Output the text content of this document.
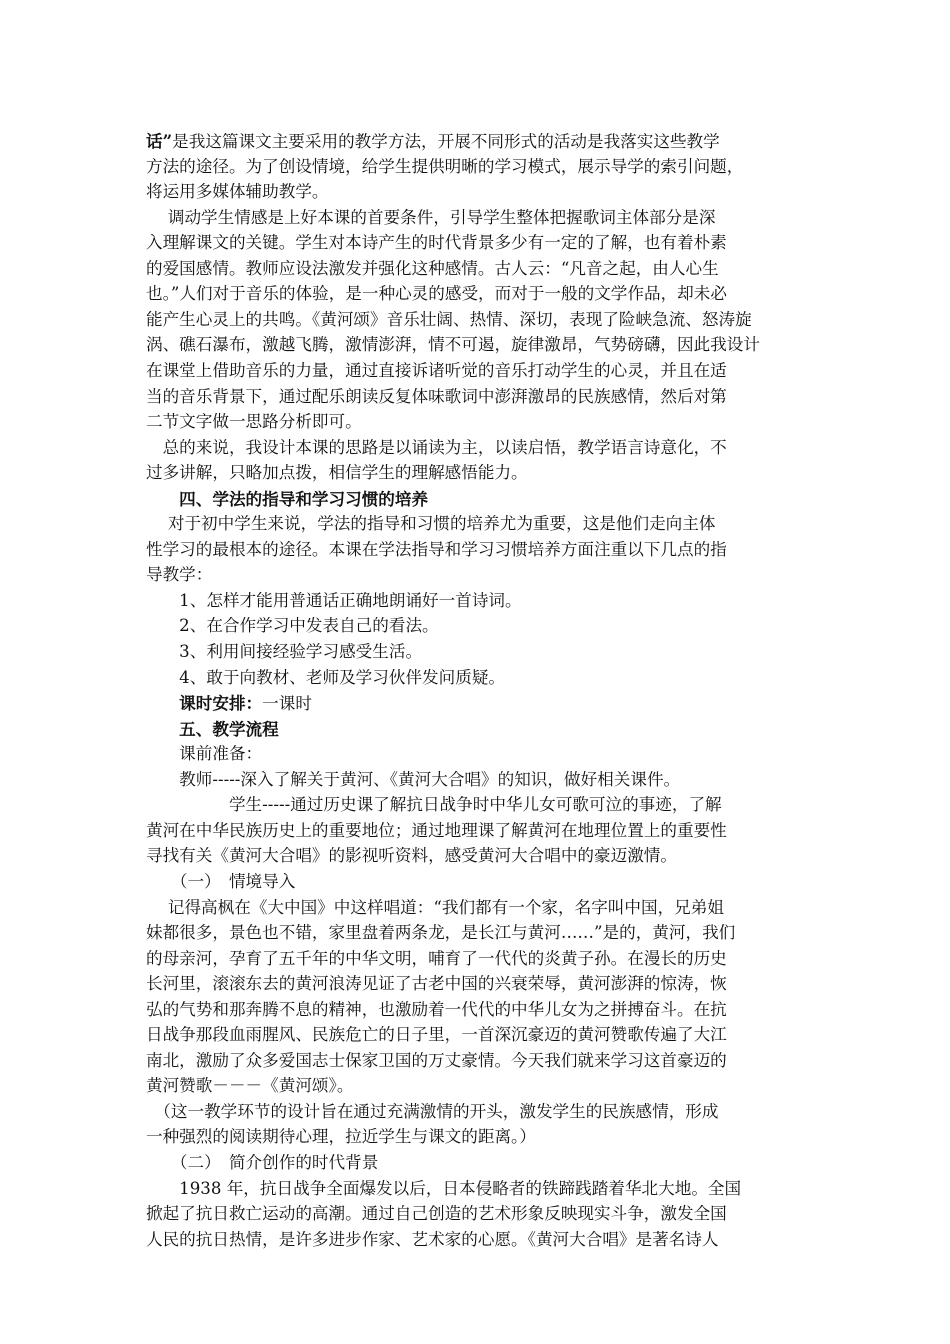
话”是我这篇课文主要采用的教学方法，开展不同形式的活动是我落实这些教学
方法的途径。为了创设情境，给学生提供明晰的学习模式，展示导学的索引问题，
将运用多媒体辅助教学。
　 调动学生情感是上好本课的首要条件，引导学生整体把握歌词主体部分是深
入理解课文的关键。学生对本诗产生的时代背景多少有一定的了解，也有着朴素
的爱国感情。教师应设法激发并强化这种感情。古人云：“凡音之起，由人心生
也。”人们对于音乐的体验，是一种心灵的感受，而对于一般的文学作品，却未必
能产生心灵上的共鸣。《黄河颂》音乐壮阔、热情、深切，表现了险峡急流、怒涛旋
涡、礁石瀑布，激越飞腾，激情澎湃，情不可遏，旋律激昂，气势磅礴，因此我设计
在课堂上借助音乐的力量，通过直接诉诸听觉的音乐打动学生的心灵，并且在适
当的音乐背景下，通过配乐朗读反复体味歌词中澎湃激昂的民族感情，然后对第
二节文字做一思路分析即可。
　总的来说，我设计本课的思路是以诵读为主，以读启悟，教学语言诗意化，不
过多讲解，只略加点拨，相信学生的理解感悟能力。
　　四、学法的指导和学习习惯的培养
　 对于初中学生来说，学法的指导和习惯的培养尤为重要，这是他们走向主体
性学习的最根本的途径。本课在学法指导和学习习惯培养方面注重以下几点的指
导教学：
　　1、怎样才能用普通话正确地朗诵好一首诗词。
　　2、在合作学习中发表自己的看法。
　　3、利用间接经验学习感受生活。
　　4、敢于向教材、老师及学习伙伴发问质疑。
　　课时安排：一课时
　　五、教学流程
　　课前准备：
　　教师-----深入了解关于黄河、《黄河大合唱》的知识，做好相关课件。
　　　　　学生-----通过历史课了解抗日战争时中华儿女可歌可泣的事迹，了解
黄河在中华民族历史上的重要地位；通过地理课了解黄河在地理位置上的重要性
寻找有关《黄河大合唱》的影视听资料，感受黄河大合唱中的豪迈激情。
　　（一）　情境导入
　 记得高枫在《大中国》中这样唱道：“我们都有一个家，名字叫中国，兄弟姐
妹都很多，景色也不错，家里盘着两条龙，是长江与黄河……”是的，黄河，我们
的母亲河，孕育了五千年的中华文明，哺育了一代代的炎黄子孙。在漫长的历史
长河里，滚滚东去的黄河浪涛见证了古老中国的兴衰荣辱，黄河澎湃的惊涛，恢
弘的气势和那奔腾不息的精神，也激励着一代代的中华儿女为之拼搏奋斗。在抗
日战争那段血雨腥风、民族危亡的日子里，一首深沉豪迈的黄河赞歌传遍了大江
南北，激励了众多爱国志士保家卫国的万丈豪情。今天我们就来学习这首豪迈的
黄河赞歌－－－《黄河颂》。
　（这一教学环节的设计旨在通过充满激情的开头，激发学生的民族感情，形成
一种强烈的阅读期待心理，拉近学生与课文的距离。）
　　（二）　简介创作的时代背景
　　1938 年，抗日战争全面爆发以后，日本侵略者的铁蹄践踏着华北大地。全国
掀起了抗日救亡运动的高潮。通过自己创造的艺术形象反映现实斗争，激发全国
人民的抗日热情，是许多进步作家、艺术家的心愿。《黄河大合唱》是著名诗人
